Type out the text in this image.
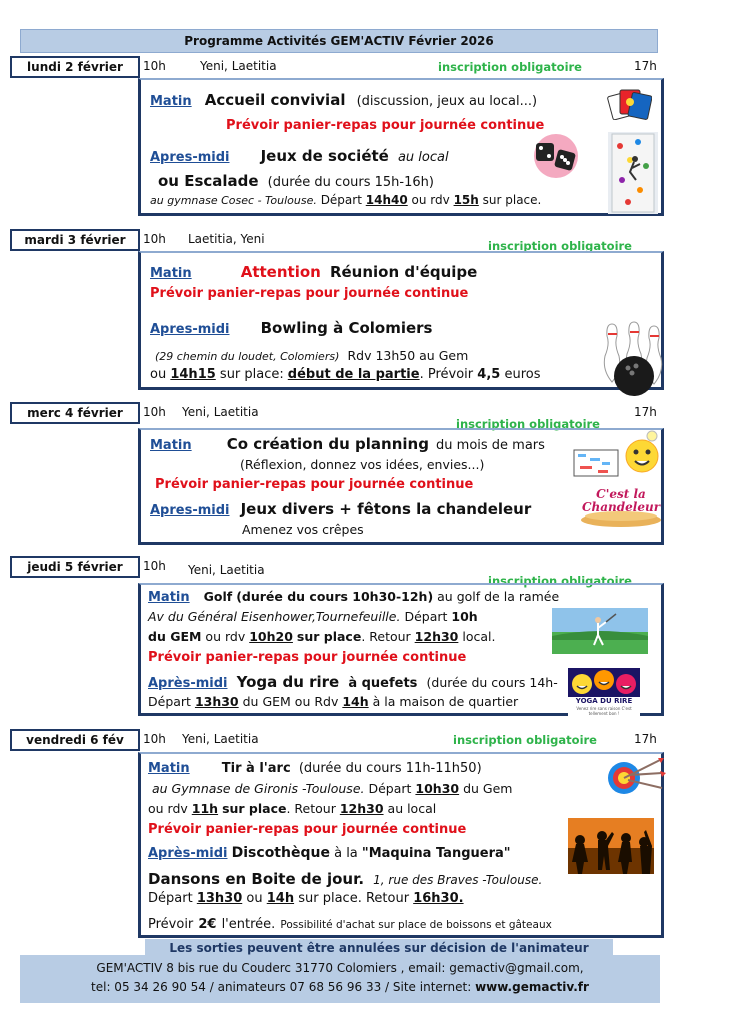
Programme Activités GEM'ACTIV Février 2026
lundi 2 février	10h	Yeni, Laetitia	inscription obligatoire	17h
Matin Accueil convivial (discussion, jeux au local...)
Prévoir panier-repas pour journée continue
Apres-midi Jeux de société au local
ou Escalade (durée du cours 15h-16h)
au gymnase Cosec - Toulouse. Départ 14h40 ou rdv 15h sur place.
mardi 3 février	10h Laetitia, Yeni	inscription obligatoire
Matin	Attention Réunion d'équipe
Prévoir panier-repas pour journée continue
Apres-midi Bowling à Colomiers
(29 chemin du loudet, Colomiers) Rdv 13h50 au Gem
ou 14h15 sur place: début de la partie. Prévoir 4,5 euros
merc 4 février	10h Yeni, Laetitia
inscription obligatoire
17h
Matin Co création du planning du mois de mars
(Réflexion, donnez vos idées, envies...)
Prévoir panier-repas pour journée continue
Apres-midi Jeux divers + fêtons la chandeleur
Amenez vos crêpes
C'est la Chandeleur
jeudi 5 février	10h Yeni, Laetitia
inscription obligatoire
Matin Golf (durée du cours 10h30-12h) au golf de la ramée
Av du Général Eisenhower,Tournefeuille. Départ 10h
du GEM ou rdv 10h20 sur place. Retour 12h30 local.
Prévoir panier-repas pour journée continue
Après-midi Yoga du rire à quefets (durée du cours 14h-
Départ 13h30 du GEM ou Rdv 14h à la maison de quartier	YOGA DU RIRE
Venez rire sans raison C'est tellement bon !
vendredi 6 fév	10h Yeni, Laetitia	inscription obligatoire	17h
Matin Tir à l'arc (durée du cours 11h-11h50)
au Gymnase de Gironis -Toulouse. Départ 10h30 du Gem
ou rdv 11h sur place. Retour 12h30 au local
Prévoir panier-repas pour journée continue
Après-midi Discothèque à la "Maquina Tanguera"
Dansons en Boite de jour. 1, rue des Braves -Toulouse.
Départ 13h30 ou 14h sur place. Retour 16h30.
Prévoir 2€ l'entrée. Possibilité d'achat sur place de boissons et gâteaux
Les sorties peuvent être annulées sur décision de l'animateur
GEM'ACTIV 8 bis rue du Couderc 31770 Colomiers , email: gemactiv@gmail.com,
tel: 05 34 26 90 54 / animateurs 07 68 56 96 33 / Site internet: www.gemactiv.fr
